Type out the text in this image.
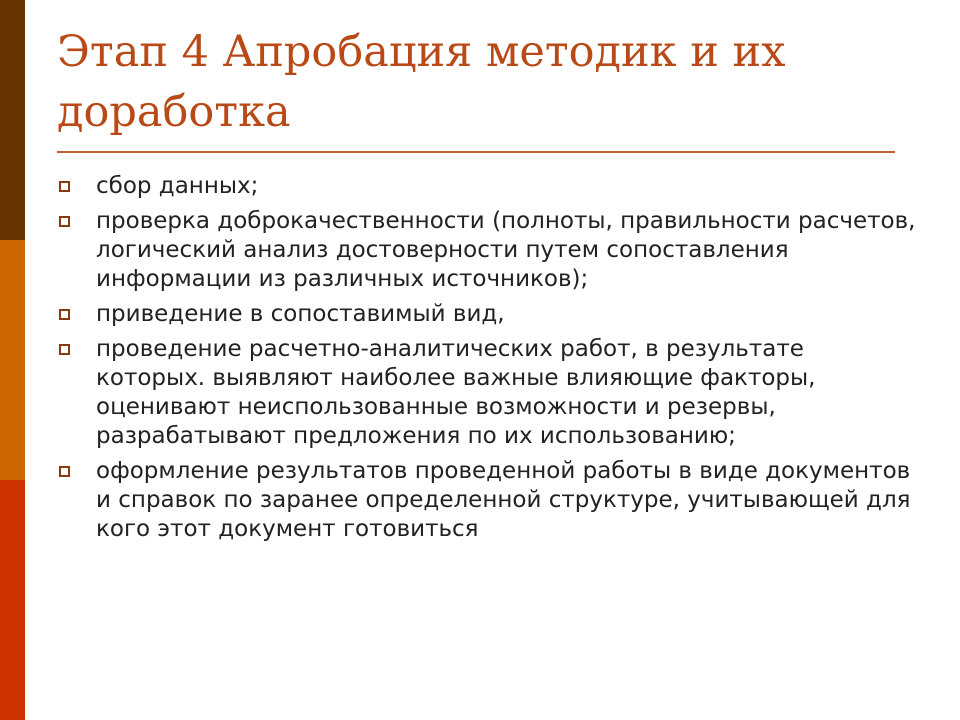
Этап 4 Апробация методик и их доработка
сбор данных;
проверка доброкачественности (полноты, правильности расчетов, логический анализ достоверности путем сопоставления информации из различных источников);
приведение в сопоставимый вид,
проведение расчетно-аналитических работ, в результате которых. выявляют наиболее важные влияющие факторы, оценивают неиспользованные возможности и резервы, разрабатывают предложения по их использованию;
оформление результатов проведенной работы в виде документов и справок по заранее определенной структуре, учитывающей для кого этот документ готовиться
